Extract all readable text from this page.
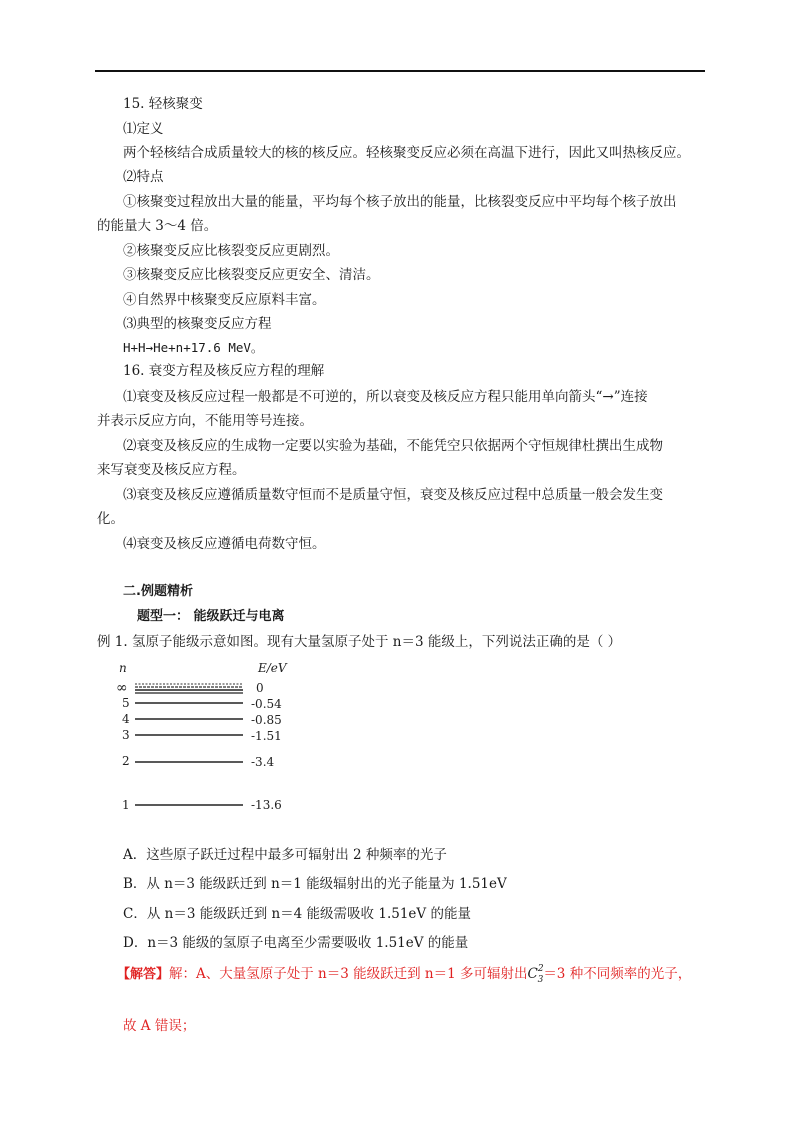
15. 轻核聚变
⑴定义
两个轻核结合成质量较大的核的核反应。轻核聚变反应必须在高温下进行，因此又叫热核反应。
⑵特点
①核聚变过程放出大量的能量，平均每个核子放出的能量，比核裂变反应中平均每个核子放出
的能量大 3～4 倍。
②核聚变反应比核裂变反应更剧烈。
③核聚变反应比核裂变反应更安全、清洁。
④自然界中核聚变反应原料丰富。
⑶典型的核聚变反应方程
H+H→He+n+17.6 MeV。
16. 衰变方程及核反应方程的理解
⑴衰变及核反应过程一般都是不可逆的，所以衰变及核反应方程只能用单向箭头“→”连接
并表示反应方向，不能用等号连接。
⑵衰变及核反应的生成物一定要以实验为基础，不能凭空只依据两个守恒规律杜撰出生成物
来写衰变及核反应方程。
⑶衰变及核反应遵循质量数守恒而不是质量守恒，衰变及核反应过程中总质量一般会发生变
化。
⑷衰变及核反应遵循电荷数守恒。
二.例题精析
题型一： 能级跃迁与电离
例 1. 氢原子能级示意如图。现有大量氢原子处于 n＝3 能级上，下列说法正确的是（ ）
n	E/eV
∞	0
5	-0.54
4	-0.85
3	-1.51
2	-3.4
1	-13.6
A．这些原子跃迁过程中最多可辐射出 2 种频率的光子
B．从 n＝3 能级跃迁到 n＝1 能级辐射出的光子能量为 1.51eV
C．从 n＝3 能级跃迁到 n＝4 能级需吸收 1.51eV 的能量
D．n＝3 能级的氢原子电离至少需要吸收 1.51eV 的能量
【解答】解：A、大量氢原子处于 n＝3 能级跃迁到 n＝1 多可辐射出$C^2_3=3$ 种不同频率的光子，
故 A 错误；
